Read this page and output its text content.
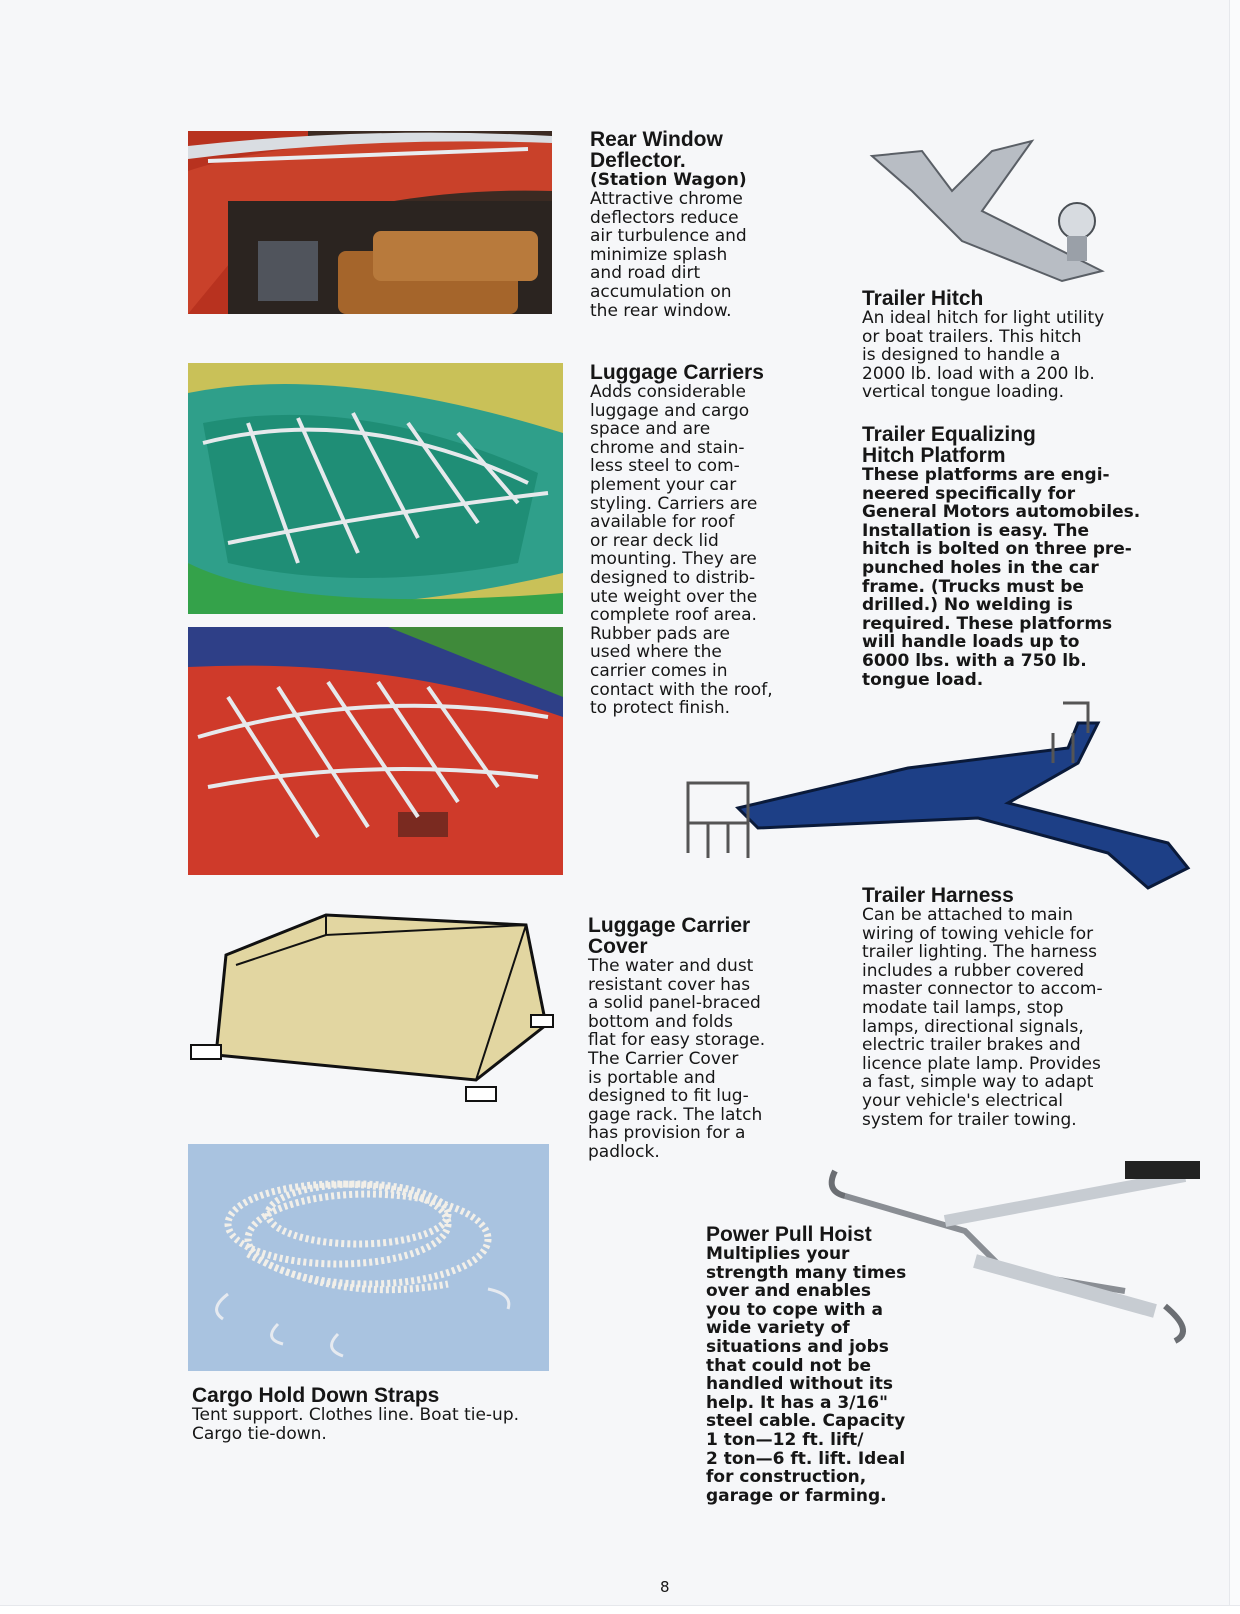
Rear Window
Deflector.
(Station Wagon)
Attractive chrome
deflectors reduce
air turbulence and
minimize splash
and road dirt
accumulation on
the rear window.
Luggage Carriers
Adds considerable
luggage and cargo
space and are
chrome and stain-
less steel to com-
plement your car
styling. Carriers are
available for roof
or rear deck lid
mounting. They are
designed to distrib-
ute weight over the
complete roof area.
Rubber pads are
used where the
carrier comes in
contact with the roof,
to protect finish.
Luggage Carrier
Cover
The water and dust
resistant cover has
a solid panel-braced
bottom and folds
flat for easy storage.
The Carrier Cover
is portable and
designed to fit lug-
gage rack. The latch
has provision for a
padlock.
Trailer Hitch
An ideal hitch for light utility
or boat trailers. This hitch
is designed to handle a
2000 lb. load with a 200 lb.
vertical tongue loading.
Trailer Equalizing
Hitch Platform
These platforms are engi-
neered specifically for
General Motors automobiles.
Installation is easy. The
hitch is bolted on three pre-
punched holes in the car
frame. (Trucks must be
drilled.) No welding is
required. These platforms
will handle loads up to
6000 lbs. with a 750 lb.
tongue load.
Trailer Harness
Can be attached to main
wiring of towing vehicle for
trailer lighting. The harness
includes a rubber covered
master connector to accom-
modate tail lamps, stop
lamps, directional signals,
electric trailer brakes and
licence plate lamp. Provides
a fast, simple way to adapt
your vehicle's electrical
system for trailer towing.
Cargo Hold Down Straps
Tent support. Clothes line. Boat tie-up.
Cargo tie-down.
Power Pull Hoist
Multiplies your
strength many times
over and enables
you to cope with a
wide variety of
situations and jobs
that could not be
handled without its
help. It has a 3/16"
steel cable. Capacity
1 ton—12 ft. lift/
2 ton—6 ft. lift. Ideal
for construction,
garage or farming.
8
